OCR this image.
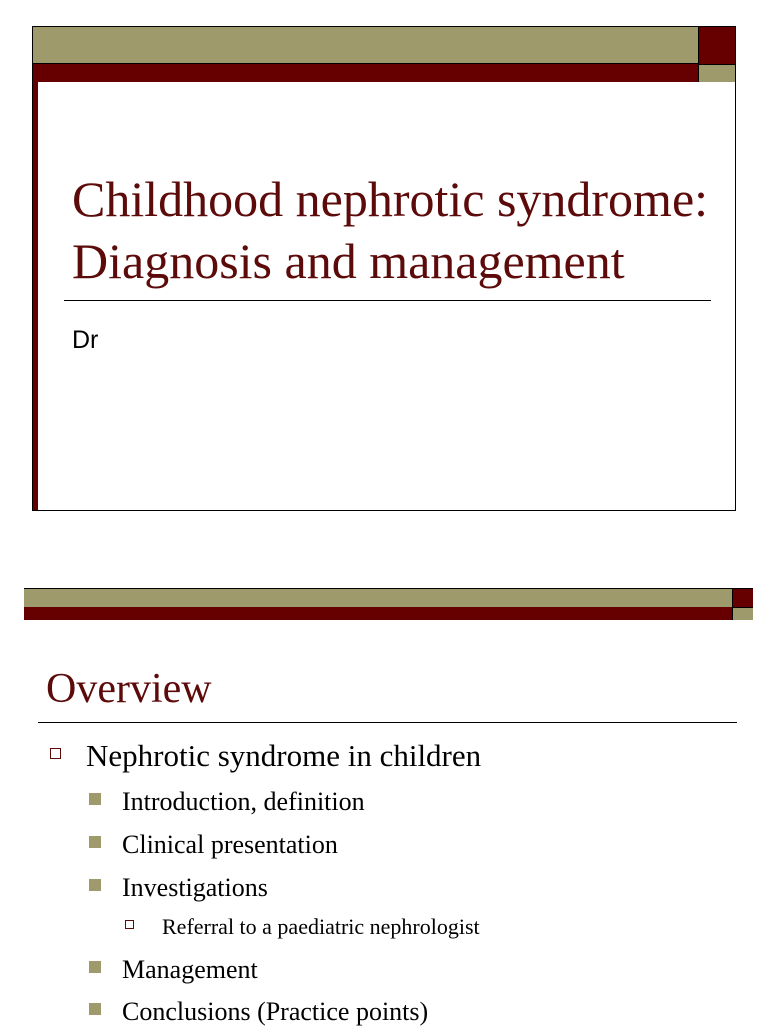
Childhood nephrotic syndrome:
Diagnosis and management
Dr
Overview
Nephrotic syndrome in children
Introduction, definition
Clinical presentation
Investigations
Referral to a paediatric nephrologist
Management
Conclusions (Practice points)
